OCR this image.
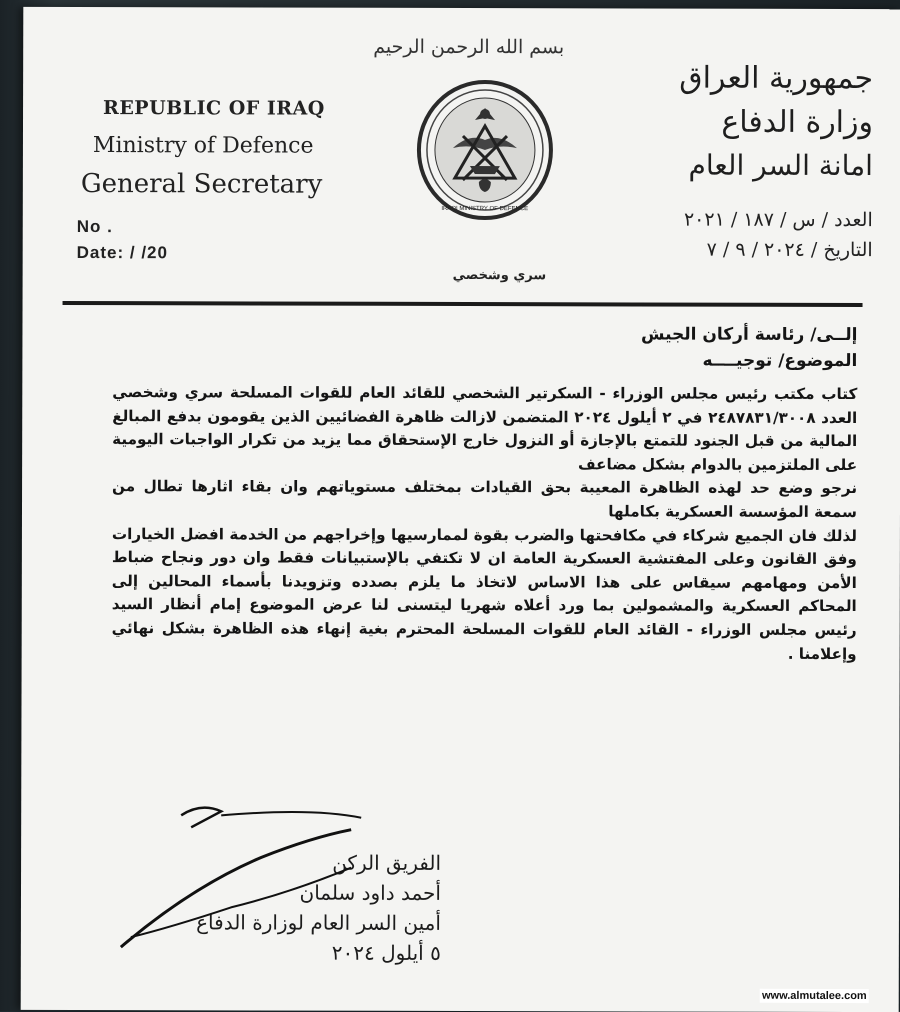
بسم الله الرحمن الرحيم
REPUBLIC OF IRAQ
Ministry of Defence
General Secretary
No .
Date: / /20
IRAQI MINISTRY OF DEFENCE
جمهورية العراق
وزارة الدفاع
امانة السر العام
العدد / س / ١٨٧ / ٢٠٢١
التاريخ / ٢٠٢٤ / ٩ / ٧
سري وشخصي
إلــى/ رئاسة أركان الجيش
الموضوع/ توجيــــه

كتاب مكتب رئيس مجلس الوزراء - السكرتير الشخصي للقائد العام للقوات المسلحة سري وشخصي العدد ٢٤٨٧٨٣١/٣٠٠٨ في ٢ أيلول ٢٠٢٤ المتضمن لازالت ظاهرة الفضائيين الذين يقومون بدفع المبالغ المالية من قبل الجنود للتمتع بالإجازة أو النزول خارج الإستحقاق مما يزيد من تكرار الواجبات اليومية على الملتزمين بالدوام بشكل مضاعف

نرجو وضع حد لهذه الظاهرة المعيبة بحق القيادات بمختلف مستوياتهم وان بقاء اثارها تطال من سمعة المؤسسة العسكرية بكاملها

لذلك فان الجميع شركاء في مكافحتها والضرب بقوة لممارسيها وإخراجهم من الخدمة افضل الخيارات وفق القانون وعلى المفتشية العسكرية العامة ان لا تكتفي بالإستبيانات فقط وان دور ونجاح ضباط الأمن ومهامهم سيقاس على هذا الاساس لاتخاذ ما يلزم بصدده وتزويدنا بأسماء المحالين إلى المحاكم العسكرية والمشمولين بما ورد أعلاه شهريا ليتسنى لنا عرض الموضوع إمام أنظار السيد رئيس مجلس الوزراء - القائد العام للقوات المسلحة المحترم بغية إنهاء هذه الظاهرة بشكل نهائي وإعلامنا .

الفريق الركن
أحمد داود سلمان
أمين السر العام لوزارة الدفاع
٥ أيلول ٢٠٢٤
www.almutalee.com
